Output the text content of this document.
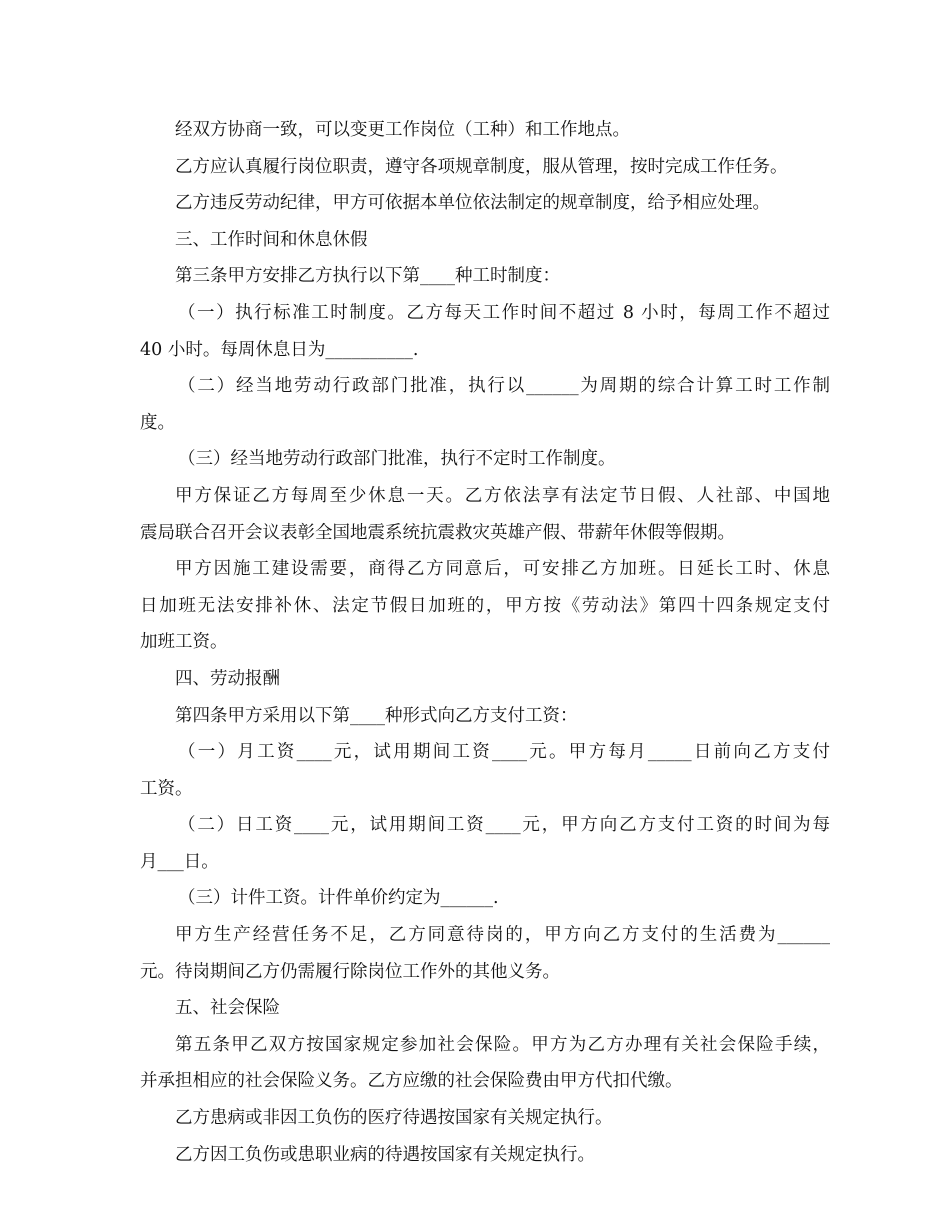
经双方协商一致，可以变更工作岗位（工种）和工作地点。
乙方应认真履行岗位职责，遵守各项规章制度，服从管理，按时完成工作任务。
乙方违反劳动纪律，甲方可依据本单位依法制定的规章制度，给予相应处理。
三、工作时间和休息休假
第三条甲方安排乙方执行以下第____种工时制度：
（一）执行标准工时制度。乙方每天工作时间不超过 8 小时，每周工作不超过
40 小时。每周休息日为__________.
（二）经当地劳动行政部门批准，执行以______为周期的综合计算工时工作制
度。
（三）经当地劳动行政部门批准，执行不定时工作制度。
甲方保证乙方每周至少休息一天。乙方依法享有法定节日假、人社部、中国地
震局联合召开会议表彰全国地震系统抗震救灾英雄产假、带薪年休假等假期。
甲方因施工建设需要，商得乙方同意后，可安排乙方加班。日延长工时、休息
日加班无法安排补休、法定节假日加班的，甲方按《劳动法》第四十四条规定支付
加班工资。
四、劳动报酬
第四条甲方采用以下第____种形式向乙方支付工资：
（一）月工资____元，试用期间工资____元。甲方每月_____日前向乙方支付
工资。
（二）日工资____元，试用期间工资____元，甲方向乙方支付工资的时间为每
月___日。
（三）计件工资。计件单价约定为______.
甲方生产经营任务不足，乙方同意待岗的，甲方向乙方支付的生活费为______
元。待岗期间乙方仍需履行除岗位工作外的其他义务。
五、社会保险
第五条甲乙双方按国家规定参加社会保险。甲方为乙方办理有关社会保险手续，
并承担相应的社会保险义务。乙方应缴的社会保险费由甲方代扣代缴。
乙方患病或非因工负伤的医疗待遇按国家有关规定执行。
乙方因工负伤或患职业病的待遇按国家有关规定执行。
